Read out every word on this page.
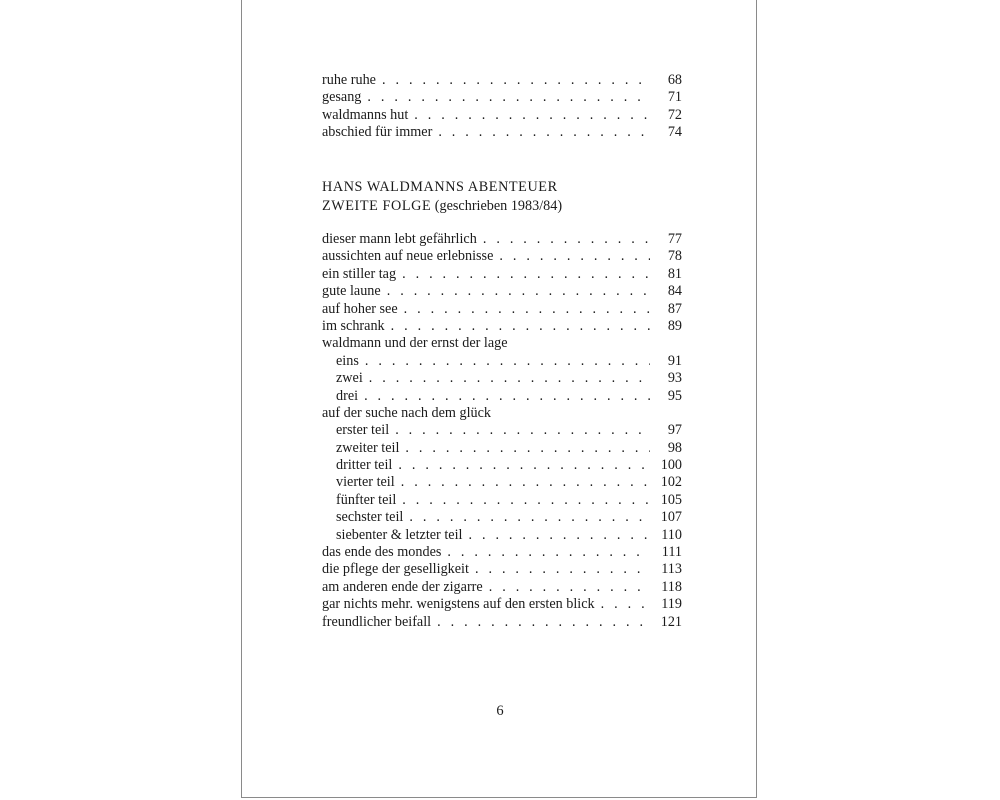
ruhe ruhe . . .	68
gesang . . .	71
waldmanns hut . . .	72
abschied für immer . . .	74
HANS WALDMANNS ABENTEUER
ZWEITE FOLGE (geschrieben 1983/84)
dieser mann lebt gefährlich . . .	77
aussichten auf neue erlebnisse . . .	78
ein stiller tag . . .	81
gute laune . . .	84
auf hoher see . . .	87
im schrank . . .	89
waldmann und der ernst der lage
eins . . .	91
zwei . . .	93
drei . . .	95
auf der suche nach dem glück
erster teil . . .	97
zweiter teil . . .	98
dritter teil . . .	100
vierter teil . . .	102
fünfter teil . . .	105
sechster teil . . .	107
siebenter & letzter teil . . .	110
das ende des mondes . . .	111
die pflege der geselligkeit . . .	113
am anderen ende der zigarre . . .	118
gar nichts mehr. wenigstens auf den ersten blick . . .	119
freundlicher beifall . . .	121
6
